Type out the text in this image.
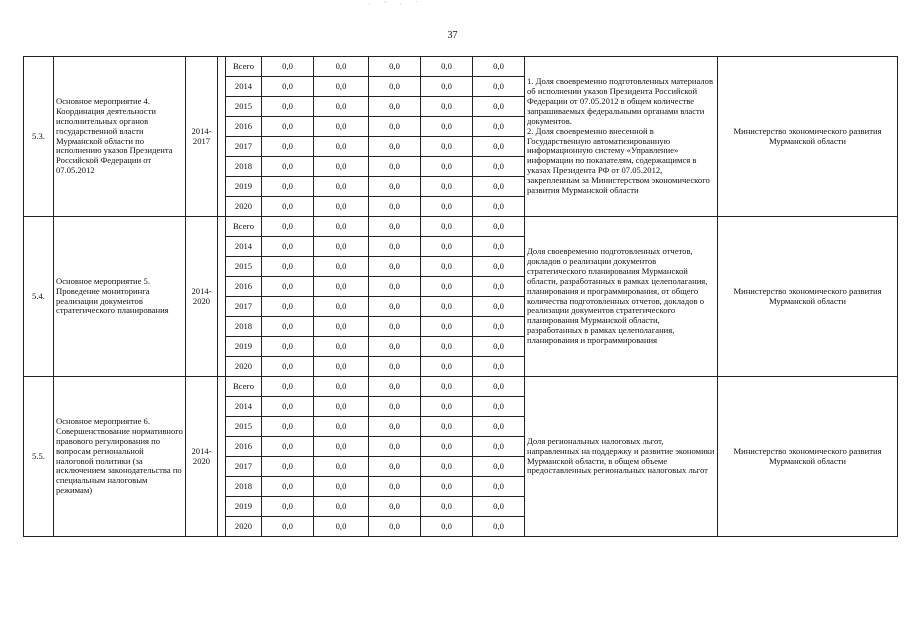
·  ˊ  ·  ˊ
37
5.3.	Основное мероприятие 4. Координация деятельности исполнительных органов государственной власти Мурманской области по исполнению указов Президента Российской Федерации от 07.05.2012	2014-
2017		Всего	0,0	0,0	0,0	0,0	0,0	1. Доля своевременно подготовленных материалов об исполнении указов Президента Российской Федерации от 07.05.2012 в общем количестве запрашиваемых федеральными органами власти документов.
2. Доля своевременно внесенной в Государственную автоматизированную информационную систему «Управление» информации по показателям, содержащимся в указах Президента РФ от 07.05.2012, закрепленным за Министерством экономического развития Мурманской области	Министерство экономического развития Мурманской области
				2014	0,0	0,0	0,0	0,0	0,0		
				2015	0,0	0,0	0,0	0,0	0,0		
				2016	0,0	0,0	0,0	0,0	0,0		
				2017	0,0	0,0	0,0	0,0	0,0		
				2018	0,0	0,0	0,0	0,0	0,0		
				2019	0,0	0,0	0,0	0,0	0,0		
				2020	0,0	0,0	0,0	0,0	0,0		
5.4.	Основное мероприятие 5. Проведение мониторинга реализации документов стратегического планирования	2014-
2020		Всего	0,0	0,0	0,0	0,0	0,0	Доля своевременно подготовленных отчетов, докладов о реализации документов стратегического планирования Мурманской области, разработанных в рамках целеполагания, планирования и программирования, от общего количества подготовленных отчетов, докладов о реализации документов стратегического планирования Мурманской области, разработанных в рамках целеполагания, планирования и программирования	Министерство экономического развития Мурманской области
				2014	0,0	0,0	0,0	0,0	0,0		
				2015	0,0	0,0	0,0	0,0	0,0		
				2016	0,0	0,0	0,0	0,0	0,0		
				2017	0,0	0,0	0,0	0,0	0,0		
				2018	0,0	0,0	0,0	0,0	0,0		
				2019	0,0	0,0	0,0	0,0	0,0		
				2020	0,0	0,0	0,0	0,0	0,0		
5.5.	Основное мероприятие 6. Совершенствование нормативного правового регулирования по вопросам региональной налоговой политики (за исключением законодательства по специальным налоговым режимам)	2014-
2020		Всего	0,0	0,0	0,0	0,0	0,0	Доля региональных налоговых льгот, направленных на поддержку и развитие экономики Мурманской области, в общем объеме предоставленных региональных налоговых льгот	Министерство экономического развития Мурманской области
				2014	0,0	0,0	0,0	0,0	0,0		
				2015	0,0	0,0	0,0	0,0	0,0		
				2016	0,0	0,0	0,0	0,0	0,0		
				2017	0,0	0,0	0,0	0,0	0,0		
				2018	0,0	0,0	0,0	0,0	0,0		
				2019	0,0	0,0	0,0	0,0	0,0		
				2020	0,0	0,0	0,0	0,0	0,0		
